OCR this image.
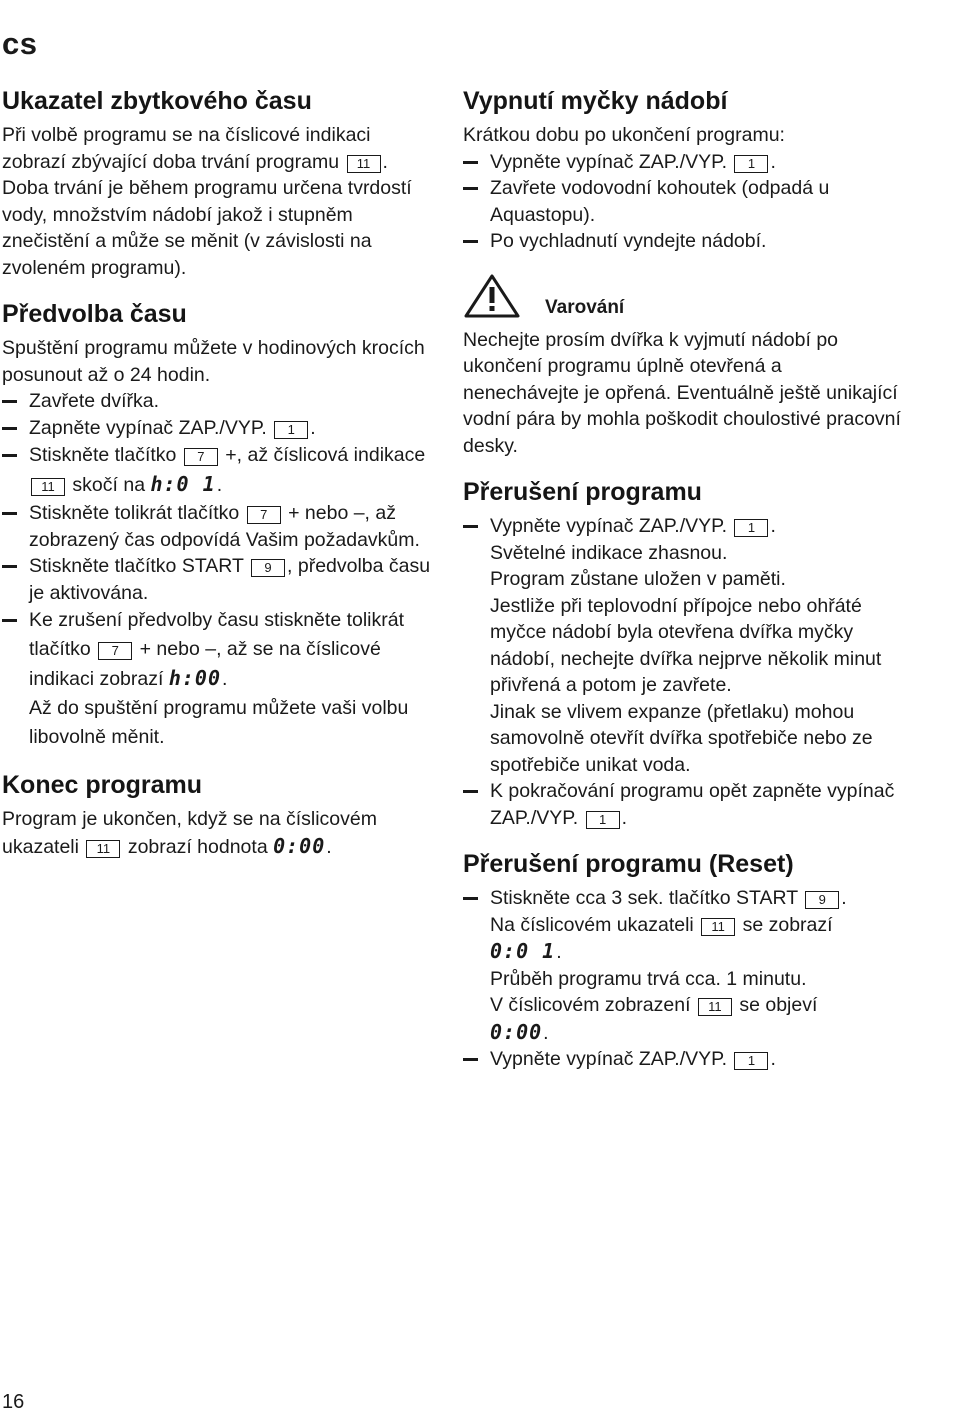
cs
Ukazatel zbytkového času

Při volbě programu se na číslicové indikaci zobrazí zbývající doba trvání programu 11 .

Doba trvání je během programu určena tvrdostí vody, množstvím nádobí jakož i stupněm znečistění a může se měnit (v závislosti na zvoleném programu).

Předvolba času

Spuštění programu můžete v hodinových krocích posunout až o 24 hodin.

Zavřete dvířka.
Zapněte vypínač ZAP./VYP. 1 .
Stiskněte tlačítko 7 +, až číslicová indikace 11 skočí na h:0 1.
Stiskněte tolikrát tlačítko 7 + nebo –, až zobrazený čas odpovídá Vašim požadavkům.
Stiskněte tlačítko START 9 , předvolba času je aktivována.
Ke zrušení předvolby času stiskněte tolikrát tlačítko 7 + nebo –, až se na číslicové indikaci zobrazí h:00.
Až do spuštění programu můžete vaši volbu libovolně měnit.
Konec programu

Program je ukončen, když se na číslicovém ukazateli 11 zobrazí hodnota 0:00.

Vypnutí myčky nádobí

Krátkou dobu po ukončení programu:

Vypněte vypínač ZAP./VYP. 1 .
Zavřete vodovodní kohoutek (odpadá u Aquastopu).
Po vychladnutí vyndejte nádobí.
Varování

Nechejte prosím dvířka k vyjmutí nádobí po ukončení programu úplně otevřená a nenechávejte je opřená. Eventuálně ještě unikající vodní pára by mohla poškodit choulostivé pracovní desky.

Přerušení programu
Vypněte vypínač ZAP./VYP. 1 .
Světelné indikace zhasnou.
Program zůstane uložen v paměti.
Jestliže při teplovodní přípojce nebo ohřáté myčce nádobí byla otevřena dvířka myčky nádobí, nechejte dvířka nejprve několik minut přivřená a potom je zavřete.
Jinak se vlivem expanze (přetlaku) mohou samovolně otevřít dvířka spotřebiče nebo ze spotřebiče unikat voda.
K pokračování programu opět zapněte vypínač ZAP./VYP. 1 .
Přerušení programu (Reset)
Stiskněte cca 3 sek. tlačítko START 9 .
Na číslicovém ukazateli 11 se zobrazí
0:0 1.
Průběh programu trvá cca. 1 minutu.
V číslicovém zobrazení 11 se objeví
0:00.
Vypněte vypínač ZAP./VYP. 1 .
16
